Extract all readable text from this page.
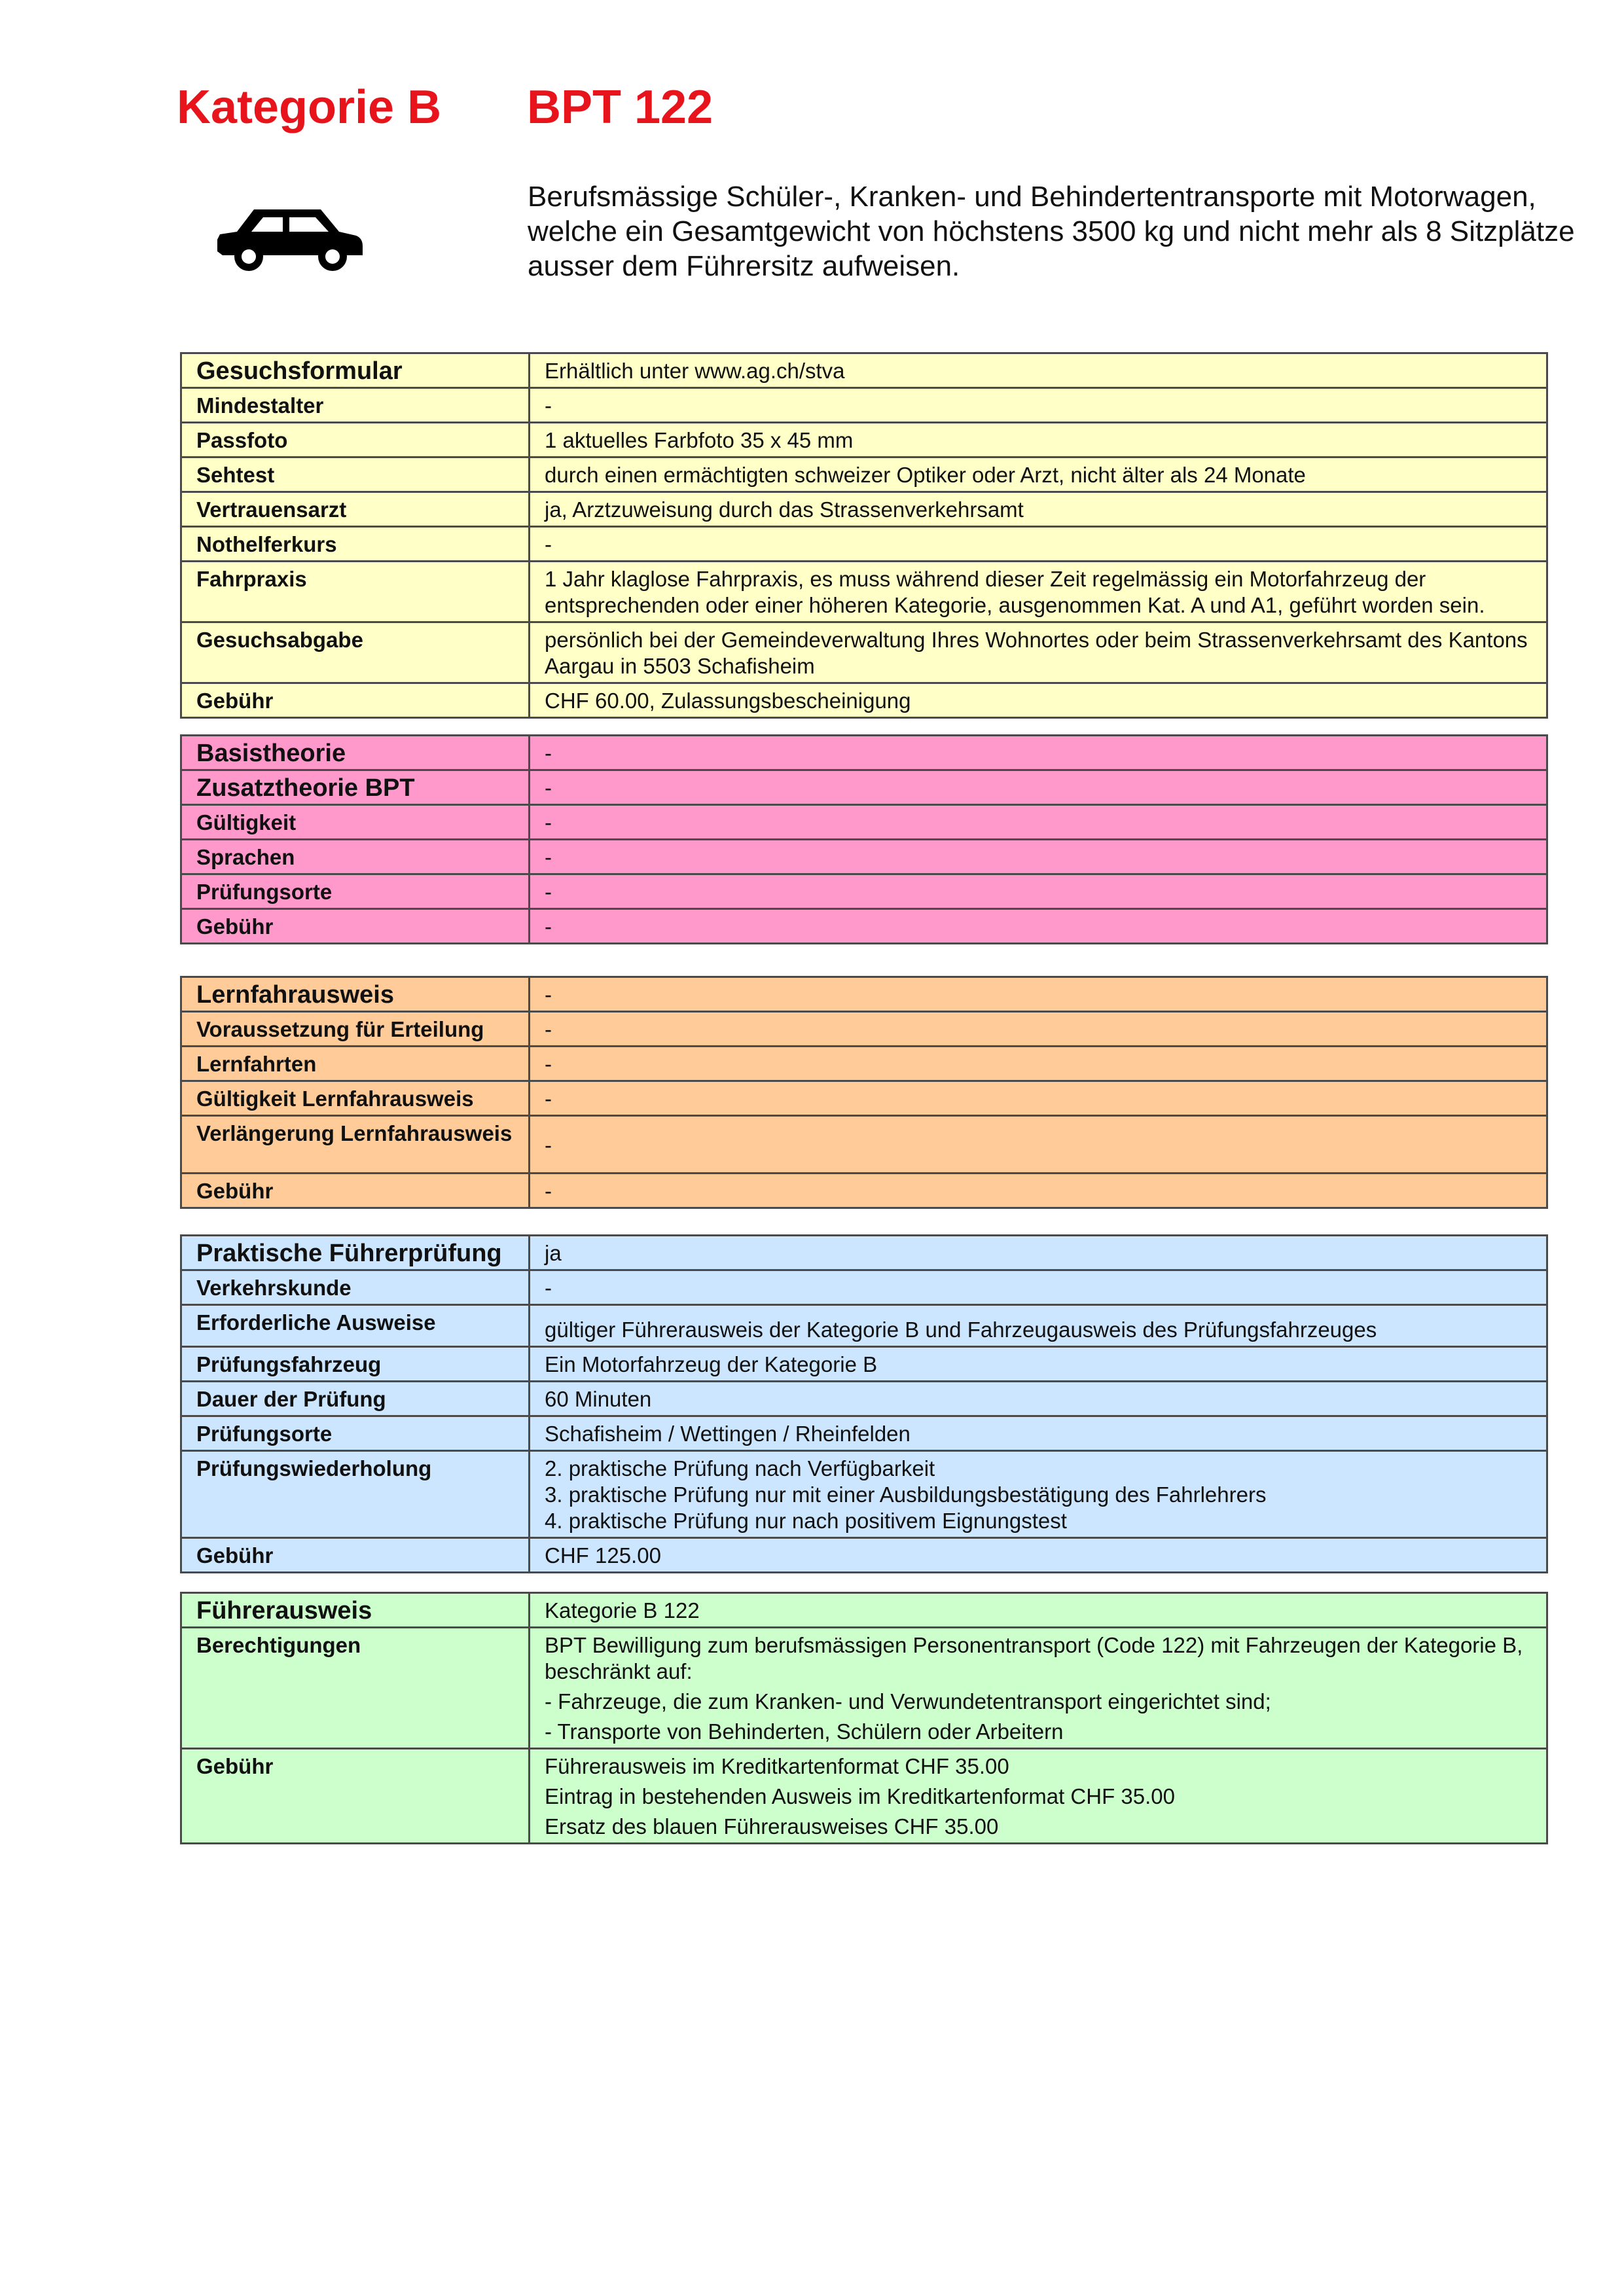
Kategorie B BPT 122
Berufsmässige Schüler-, Kranken- und Behindertentransporte mit Motorwagen, welche ein Gesamtgewicht von höchstens 3500 kg und nicht mehr als 8 Sitzplätze ausser dem Führersitz aufweisen.
Gesuchsformular	Erhältlich unter www.ag.ch/stva
Mindestalter	-
Passfoto	1 aktuelles Farbfoto 35 x 45 mm
Sehtest	durch einen ermächtigten schweizer Optiker oder Arzt, nicht älter als 24 Monate
Vertrauensarzt	ja, Arztzuweisung durch das Strassenverkehrsamt
Nothelferkurs	-
Fahrpraxis	1 Jahr klaglose Fahrpraxis, es muss während dieser Zeit regelmässig ein Motorfahrzeug der entsprechenden oder einer höheren Kategorie, ausgenommen Kat. A und A1, geführt worden sein.
Gesuchsabgabe	persönlich bei der Gemeindeverwaltung Ihres Wohnortes oder beim Strassenverkehrsamt des Kantons Aargau in 5503 Schafisheim
Gebühr	CHF 60.00, Zulassungsbescheinigung
Basistheorie	-
Zusatztheorie BPT	-
Gültigkeit	-
Sprachen	-
Prüfungsorte	-
Gebühr	-
Lernfahrausweis	-
Voraussetzung für Erteilung	-
Lernfahrten	-
Gültigkeit Lernfahrausweis	-
Verlängerung Lernfahrausweis	-
Gebühr	-
Praktische Führerprüfung	ja
Verkehrskunde	-
Erforderliche Ausweise	gültiger Führerausweis der Kategorie B und Fahrzeugausweis des Prüfungsfahrzeuges
Prüfungsfahrzeug	Ein Motorfahrzeug der Kategorie B
Dauer der Prüfung	60 Minuten
Prüfungsorte	Schafisheim / Wettingen / Rheinfelden
Prüfungswiederholung	2. praktische Prüfung nach Verfügbarkeit
3. praktische Prüfung nur mit einer Ausbildungsbestätigung des Fahrlehrers
4. praktische Prüfung nur nach positivem Eignungstest

Gebühr	CHF 125.00
Führerausweis	Kategorie B 122
Berechtigungen	BPT Bewilligung zum berufsmässigen Personentransport (Code 122) mit Fahrzeugen der Kategorie B, beschränkt auf:
- Fahrzeuge, die zum Kranken- und Verwundetentransport eingerichtet sind;
- Transporte von Behinderten, Schülern oder Arbeitern

Gebühr	Führerausweis im Kreditkartenformat CHF 35.00
Eintrag in bestehenden Ausweis im Kreditkartenformat CHF 35.00
Ersatz des blauen Führerausweises CHF 35.00
